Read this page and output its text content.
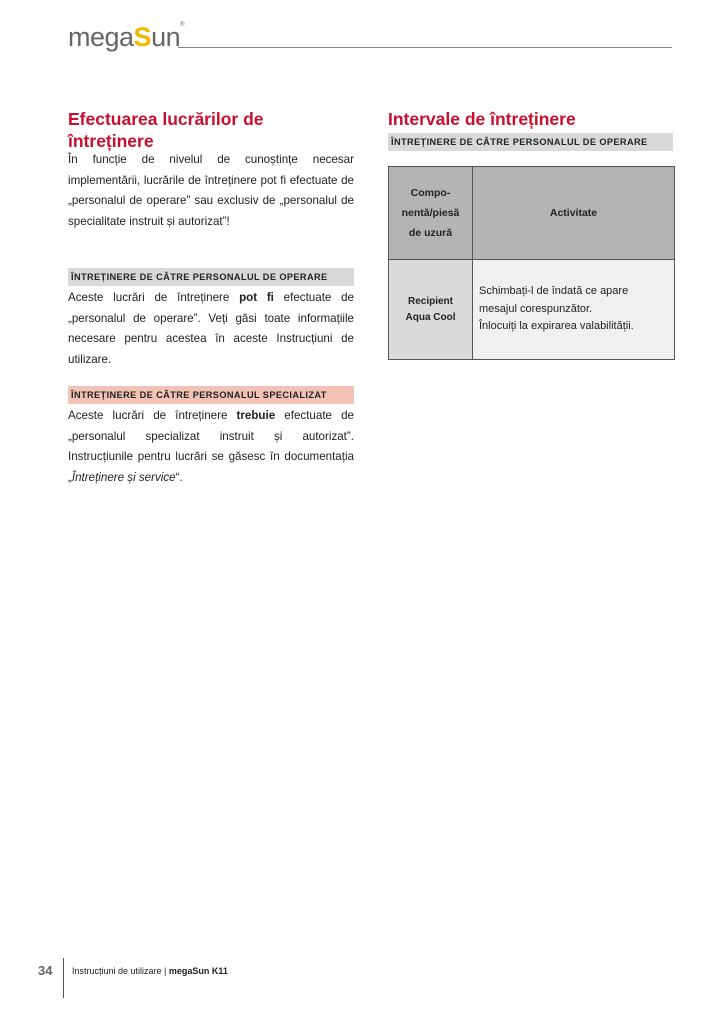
megaSun®
Efectuarea lucrărilor de întreținere

În funcție de nivelul de cunoștințe necesar implementării, lucrările de întreținere pot fi efectuate de „personalul de operare” sau exclusiv de „personalul de specialitate instruit și autorizat”!

ÎNTREȚINERE DE CĂTRE PERSONALUL DE OPERARE

Aceste lucrări de întreținere pot fi efectuate de „personalul de operare”. Veți găsi toate informațiile necesare pentru acestea în aceste Instrucțiuni de utilizare.

ÎNTREȚINERE DE CĂTRE PERSONALUL SPECIALIZAT

Aceste lucrări de întreținere trebuie efectuate de „personalul specializat instruit și autorizat”. Instrucțiunile pentru lucrări se găsesc în documentația „Întreținere și service“.

Intervale de întreținere
ÎNTREȚINERE DE CĂTRE PERSONALUL DE OPERARE
Compo-nentă/piesă de uzură	Activitate
Recipient Aqua Cool	Schimbați-l de îndată ce apare mesajul corespunzător.
Înlocuiți la expirarea valabilității.
34 Instrucțiuni de utilizare | megaSun K11
